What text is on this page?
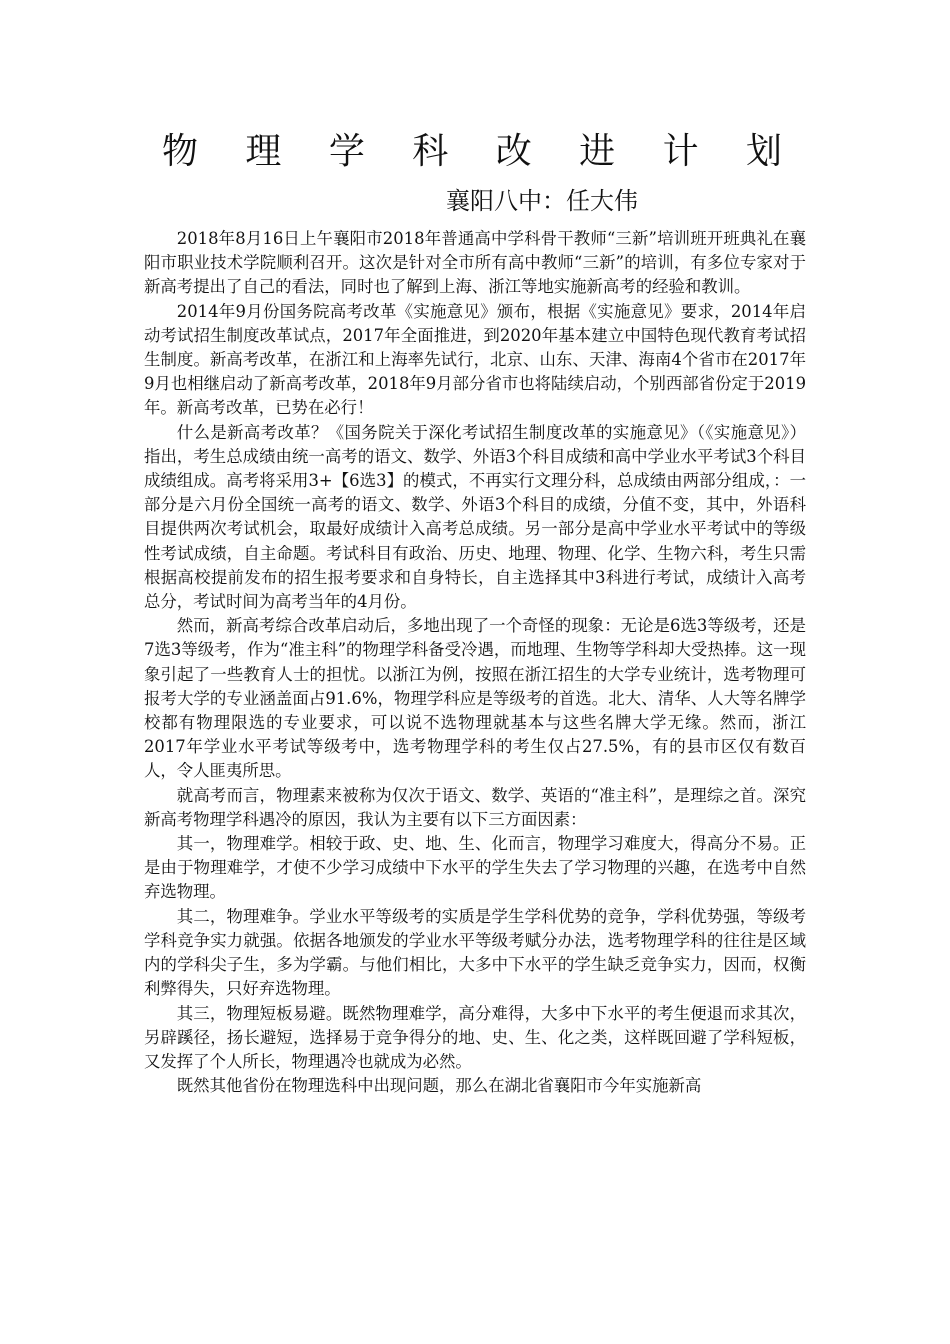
物 理 学 科 改 进 计 划
襄阳八中：任大伟

2018年8月16日上午襄阳市2018年普通高中学科骨干教师“三新”培训班开班典礼在襄阳市职业技术学院顺利召开。这次是针对全市所有高中教师“三新”的培训，有多位专家对于新高考提出了自己的看法，同时也了解到上海、浙江等地实施新高考的经验和教训。

2014年9月份国务院高考改革《实施意见》颁布，根据《实施意见》要求，2014年启动考试招生制度改革试点，2017年全面推进，到2020年基本建立中国特色现代教育考试招生制度。新高考改革，在浙江和上海率先试行，北京、山东、天津、海南4个省市在2017年9月也相继启动了新高考改革，2018年9月部分省市也将陆续启动，个别西部省份定于2019年。新高考改革，已势在必行！

什么是新高考改革？《国务院关于深化考试招生制度改革的实施意见》（《实施意见》）指出，考生总成绩由统一高考的语文、数学、外语3个科目成绩和高中学业水平考试3个科目成绩组成。高考将采用3+【6选3】的模式，不再实行文理分科，总成绩由两部分组成，：一部分是六月份全国统一高考的语文、数学、外语3个科目的成绩，分值不变，其中，外语科目提供两次考试机会，取最好成绩计入高考总成绩。另一部分是高中学业水平考试中的等级性考试成绩，自主命题。考试科目有政治、历史、地理、物理、化学、生物六科，考生只需根据高校提前发布的招生报考要求和自身特长，自主选择其中3科进行考试，成绩计入高考总分，考试时间为高考当年的4月份。

然而，新高考综合改革启动后，多地出现了一个奇怪的现象：无论是6选3等级考，还是7选3等级考，作为“准主科”的物理学科备受冷遇，而地理、生物等学科却大受热捧。这一现象引起了一些教育人士的担忧。以浙江为例，按照在浙江招生的大学专业统计，选考物理可报考大学的专业涵盖面占91.6%，物理学科应是等级考的首选。北大、清华、人大等名牌学校都有物理限选的专业要求，可以说不选物理就基本与这些名牌大学无缘。然而，浙江2017年学业水平考试等级考中，选考物理学科的考生仅占27.5%，有的县市区仅有数百人，令人匪夷所思。

就高考而言，物理素来被称为仅次于语文、数学、英语的“准主科”，是理综之首。深究新高考物理学科遇冷的原因，我认为主要有以下三方面因素：

其一，物理难学。相较于政、史、地、生、化而言，物理学习难度大，得高分不易。正是由于物理难学，才使不少学习成绩中下水平的学生失去了学习物理的兴趣，在选考中自然弃选物理。

其二，物理难争。学业水平等级考的实质是学生学科优势的竞争，学科优势强，等级考学科竞争实力就强。依据各地颁发的学业水平等级考赋分办法，选考物理学科的往往是区域内的学科尖子生，多为学霸。与他们相比，大多中下水平的学生缺乏竞争实力，因而，权衡利弊得失，只好弃选物理。

其三，物理短板易避。既然物理难学，高分难得，大多中下水平的考生便退而求其次，另辟蹊径，扬长避短，选择易于竞争得分的地、史、生、化之类，这样既回避了学科短板，又发挥了个人所长，物理遇冷也就成为必然。

既然其他省份在物理选科中出现问题，那么在湖北省襄阳市今年实施新高
